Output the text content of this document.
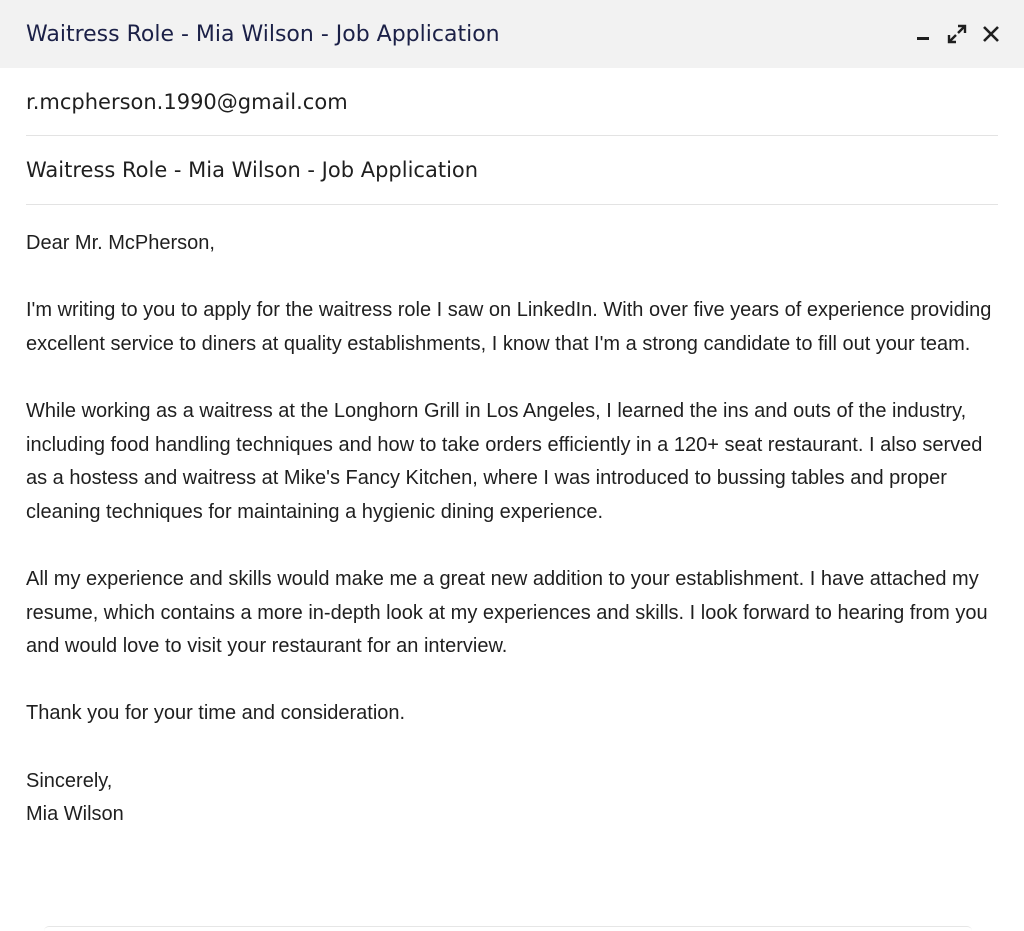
Waitress Role - Mia Wilson - Job Application
r.mcpherson.1990@gmail.com
Waitress Role - Mia Wilson - Job Application

Dear Mr. McPherson,

I'm writing to you to apply for the waitress role I saw on LinkedIn. With over five years of experience providing excellent service to diners at quality establishments, I know that I'm a strong candidate to fill out your team.

While working as a waitress at the Longhorn Grill in Los Angeles, I learned the ins and outs of the industry, including food handling techniques and how to take orders efficiently in a 120+ seat restaurant. I also served as a hostess and waitress at Mike's Fancy Kitchen, where I was introduced to bussing tables and proper cleaning techniques for maintaining a hygienic dining experience.

All my experience and skills would make me a great new addition to your establishment. I have attached my resume, which contains a more in-depth look at my experiences and skills. I look forward to hearing from you and would love to visit your restaurant for an interview.

Thank you for your time and consideration.

Sincerely,

Mia Wilson
